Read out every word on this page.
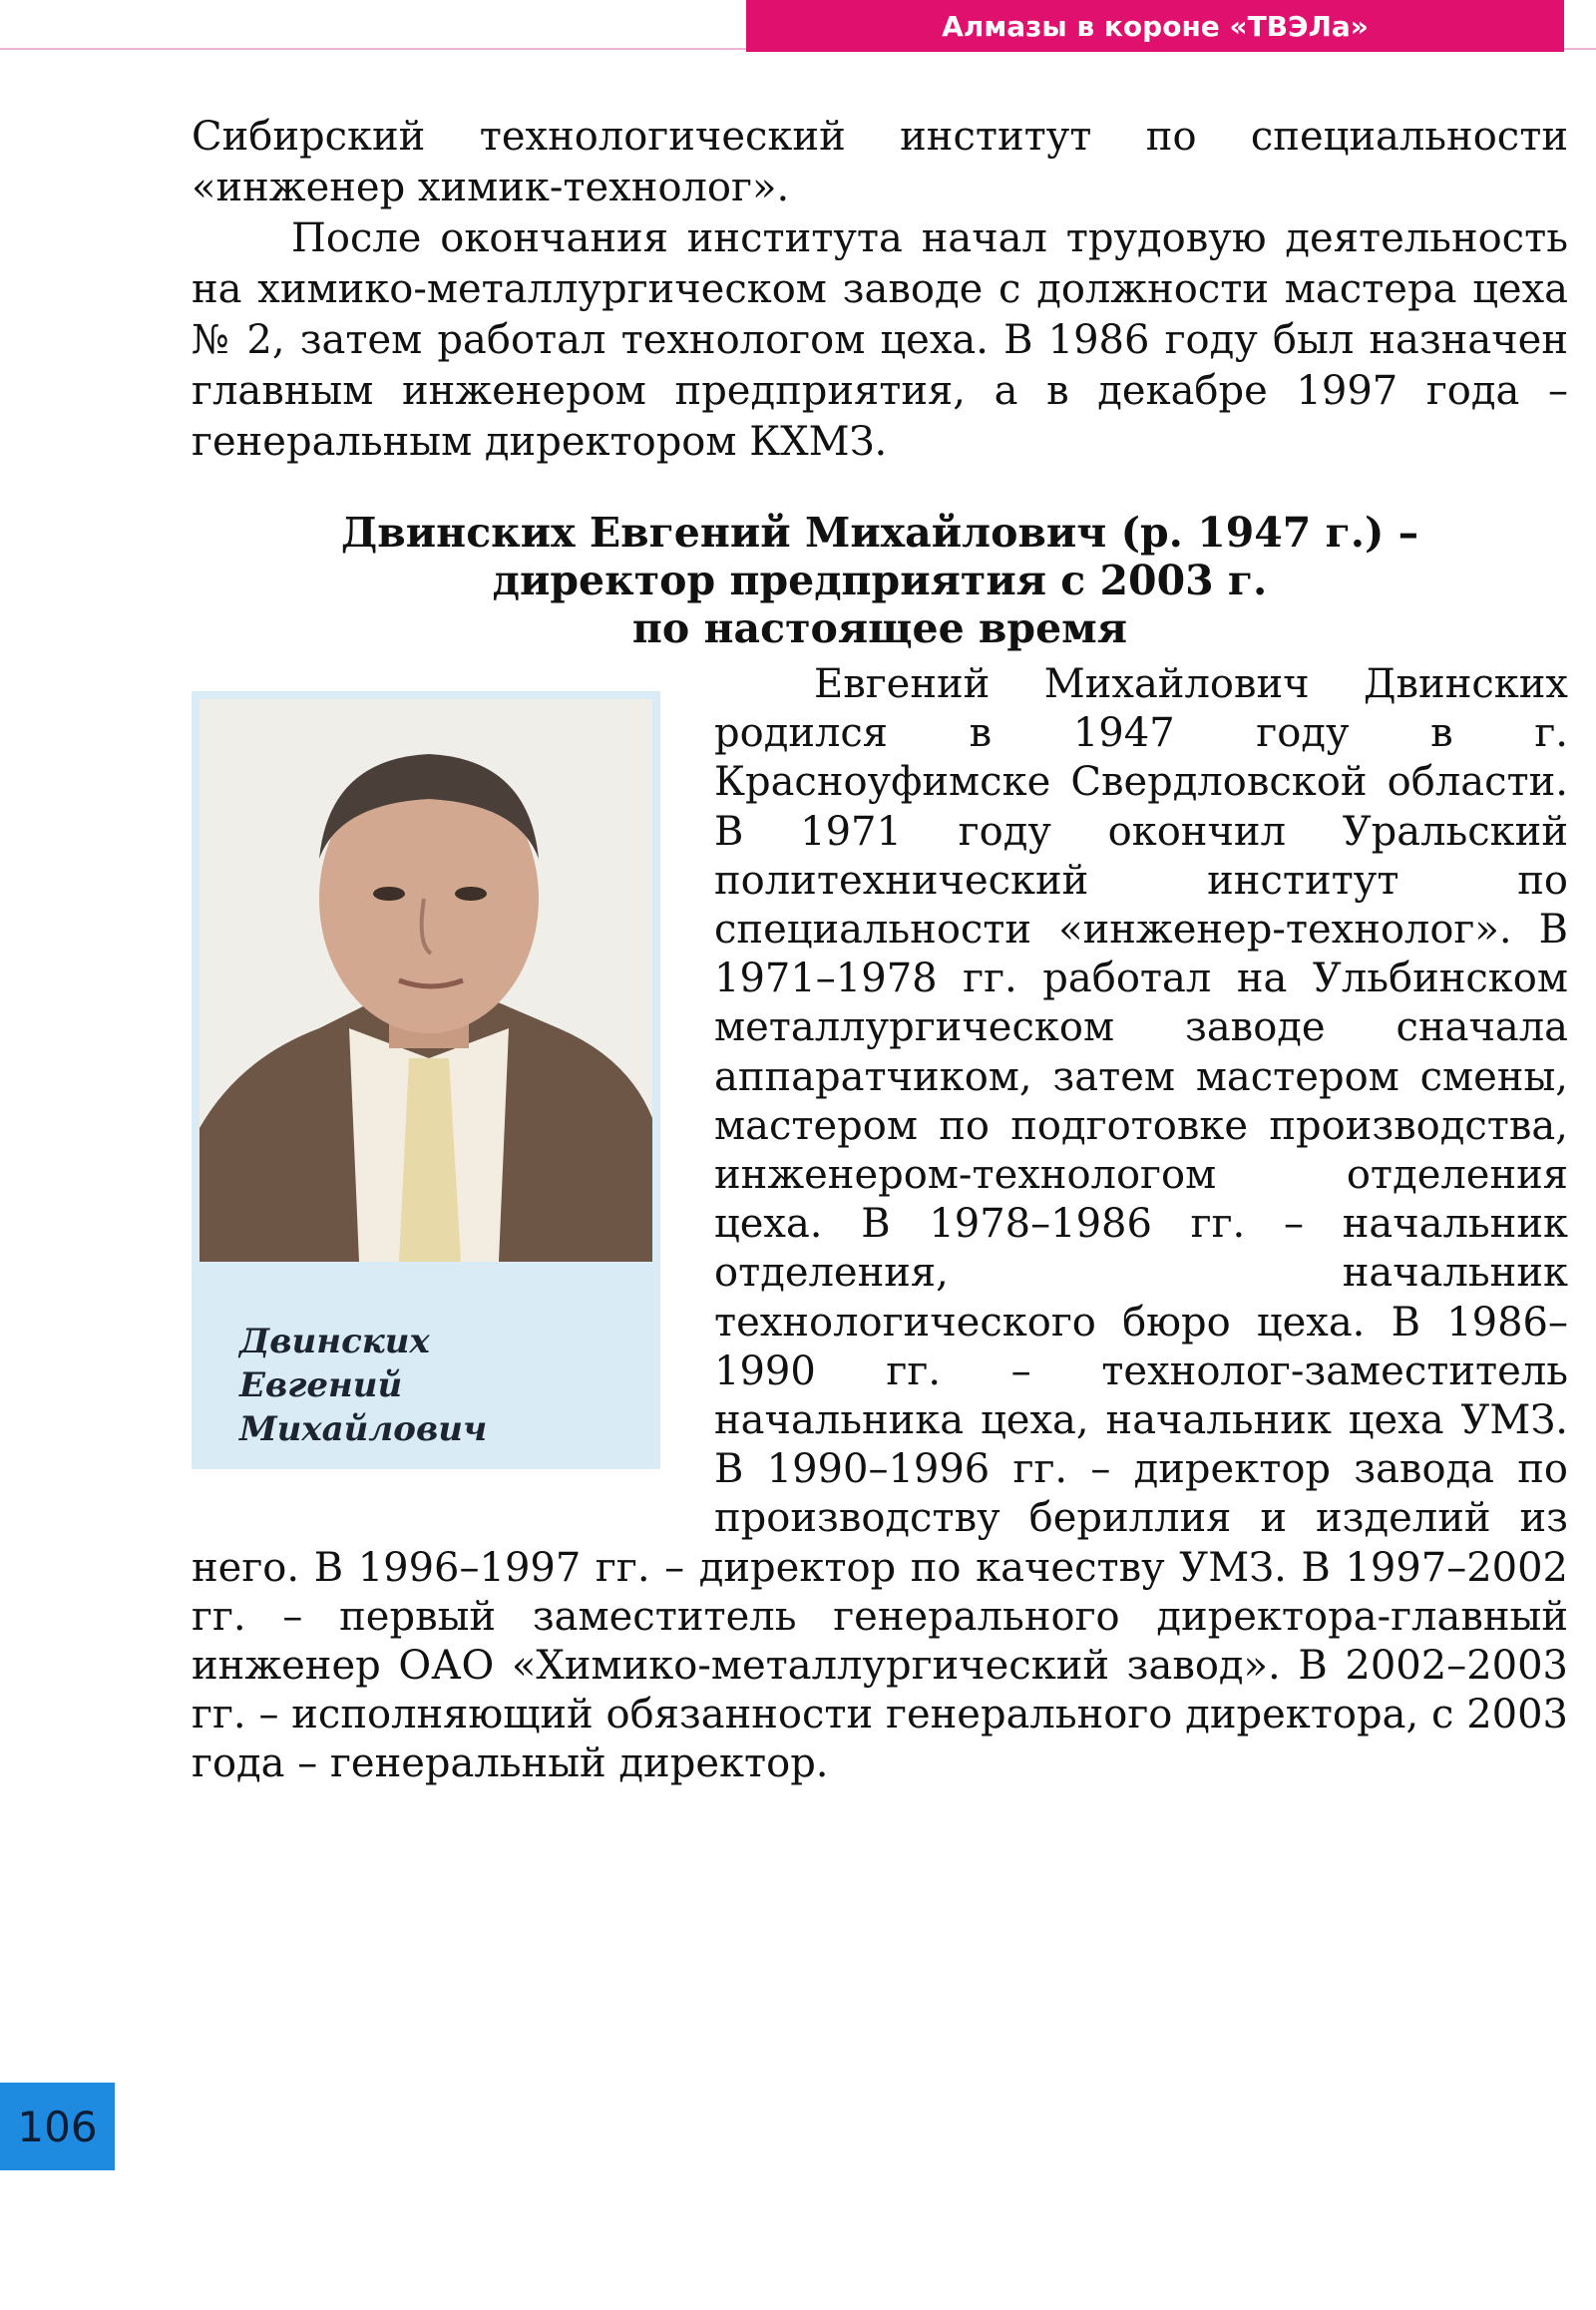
Алмазы в короне «ТВЭЛа»

Сибирский технологический институт по специальности «инженер химик-технолог».

После окончания института начал трудовую деятельность на химико-металлургическом заводе с должности мастера цеха № 2, затем работал технологом цеха. В 1986 году был назначен главным инженером предприятия, а в декабре 1997 года – генеральным директором КХМЗ.

Двинских Евгений Михайлович (р. 1947 г.) –
директор предприятия с 2003 г.
по настоящее время
Двинских
Евгений
Михайлович

Евгений Михайлович Двинских родился в 1947 году в г. Красноуфимске Свердловской области. В 1971 году окончил Уральский политехнический институт по специальности «инженер-технолог». В 1971–1978 гг. работал на Ульбинском металлургическом заводе сначала аппаратчиком, затем мастером смены, мастером по подготовке производства, инженером-технологом отделения цеха. В 1978–1986 гг. – начальник отделения, начальник технологического бюро цеха. В 1986–1990 гг. – технолог-заместитель начальника цеха, начальник цеха УМЗ. В 1990–1996 гг. – директор завода по производству бериллия и изделий из него. В 1996–1997 гг. – директор по качеству УМЗ. В 1997–2002 гг. – первый заместитель генерального директора-главный инженер ОАО «Химико-металлургический завод». В 2002–2003 гг. – исполняющий обязанности генерального директора, с 2003 года – генеральный директор.

106
